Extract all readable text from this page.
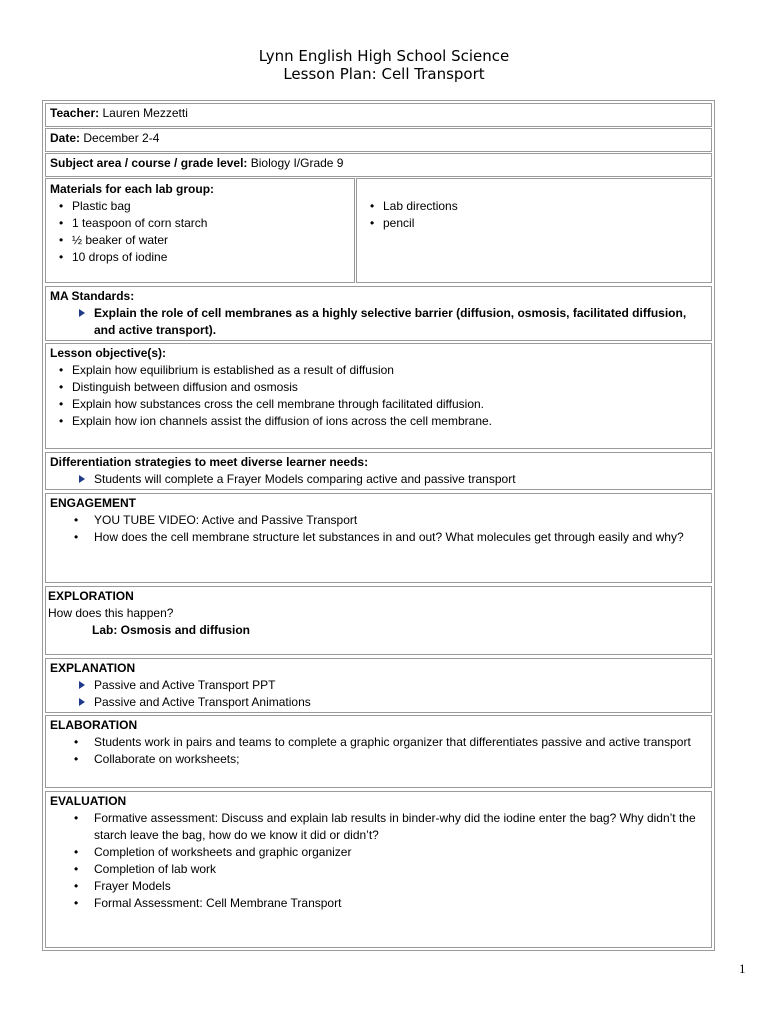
Lynn English High School Science
Lesson Plan: Cell Transport
Teacher: Lauren Mezzetti
Date: December 2-4
Subject area / course / grade level: Biology I/Grade 9
Materials for each lab group:
• Plastic bag
• 1 teaspoon of corn starch
• ½ beaker of water
• 10 drops of iodine
• Lab directions
• pencil
MA Standards:
Explain the role of cell membranes as a highly selective barrier (diffusion, osmosis, facilitated diffusion, and active transport).
Lesson objective(s):
• Explain how equilibrium is established as a result of diffusion
• Distinguish between diffusion and osmosis
• Explain how substances cross the cell membrane through facilitated diffusion.
• Explain how ion channels assist the diffusion of ions across the cell membrane.
Differentiation strategies to meet diverse learner needs:
Students will complete a Frayer Models comparing active and passive transport
ENGAGEMENT
• YOU TUBE VIDEO: Active and Passive Transport
• How does the cell membrane structure let substances in and out? What molecules get through easily and why?
EXPLORATION
How does this happen?
Lab: Osmosis and diffusion
EXPLANATION
Passive and Active Transport PPT
Passive and Active Transport Animations
ELABORATION
• Students work in pairs and teams to complete a graphic organizer that differentiates passive and active transport
• Collaborate on worksheets;
EVALUATION
• Formative assessment: Discuss and explain lab results in binder-why did the iodine enter the bag? Why didn’t the starch leave the bag, how do we know it did or didn’t?
• Completion of worksheets and graphic organizer
• Completion of lab work
• Frayer Models
• Formal Assessment: Cell Membrane Transport
1
